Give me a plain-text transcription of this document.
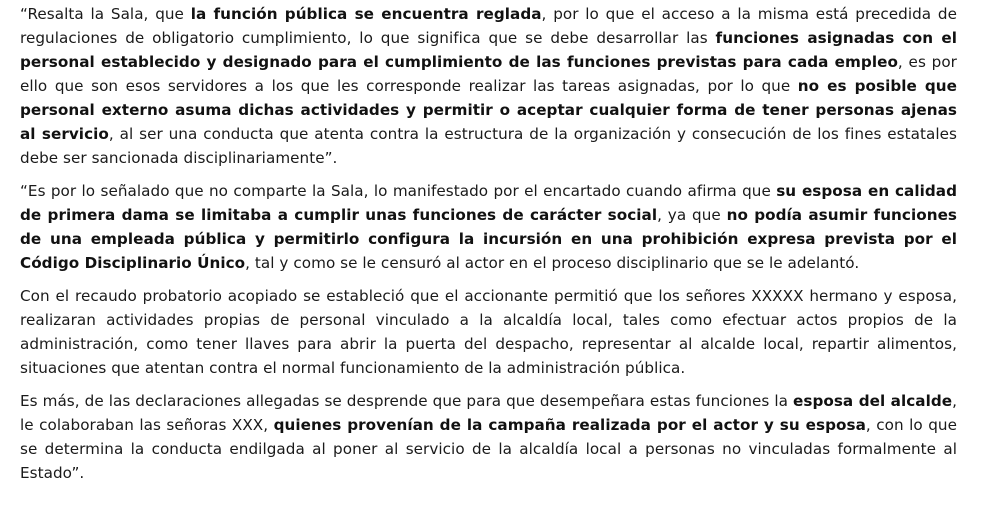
“Resalta la Sala, que la función pública se encuentra reglada, por lo que el acceso a la misma está precedida de regulaciones de obligatorio cumplimiento, lo que significa que se debe desarrollar las funciones asignadas con el personal establecido y designado para el cumplimiento de las funciones previstas para cada empleo, es por ello que son esos servidores a los que les corresponde realizar las tareas asignadas, por lo que no es posible que personal externo asuma dichas actividades y permitir o aceptar cualquier forma de tener personas ajenas al servicio, al ser una conducta que atenta contra la estructura de la organización y consecución de los fines estatales debe ser sancionada disciplinariamente”.

“Es por lo señalado que no comparte la Sala, lo manifestado por el encartado cuando afirma que su esposa en calidad de primera dama se limitaba a cumplir unas funciones de carácter social, ya que no podía asumir funciones de una empleada pública y permitirlo configura la incursión en una prohibición expresa prevista por el Código Disciplinario Único, tal y como se le censuró al actor en el proceso disciplinario que se le adelantó.

Con el recaudo probatorio acopiado se estableció que el accionante permitió que los señores XXXXX hermano y esposa, realizaran actividades propias de personal vinculado a la alcaldía local, tales como efectuar actos propios de la administración, como tener llaves para abrir la puerta del despacho, representar al alcalde local, repartir alimentos, situaciones que atentan contra el normal funcionamiento de la administración pública.

Es más, de las declaraciones allegadas se desprende que para que desempeñara estas funciones la esposa del alcalde, le colaboraban las señoras XXX, quienes provenían de la campaña realizada por el actor y su esposa, con lo que se determina la conducta endilgada al poner al servicio de la alcaldía local a personas no vinculadas formalmente al Estado”.
